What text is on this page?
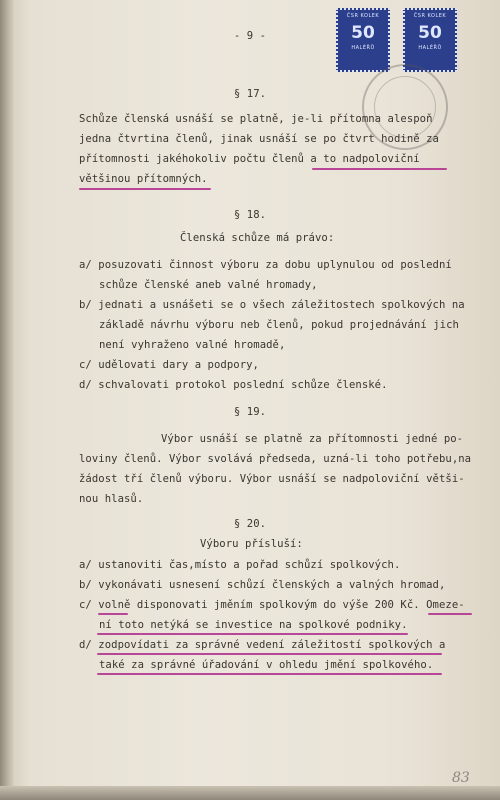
- 9 -
ČSR KOLEK
50
HALÉŘŮ
ČSR KOLEK
50
HALÉŘŮ
§ 17.
Schůze členská usnáší se platně, je-li přítomna alespoň
jedna čtvrtina členů, jinak usnáší se po čtvrt hodině za
přítomnosti jakéhokoliv počtu členů a to nadpoloviční
většinou přítomných.
§ 18.
Členská schůze má právo:
a/ posuzovati činnost výboru za dobu uplynulou od poslední
schůze členské aneb valné hromady,
b/ jednati a usnášeti se o všech záležitostech spolkových na
základě návrhu výboru neb členů, pokud projednávání jich
není vyhraženo valné hromadě,
c/ udělovati dary a podpory,
d/ schvalovati protokol poslední schůze členské.
§ 19.
Výbor usnáší se platně za přítomnosti jedné po-
loviny členů. Výbor svolává předseda, uzná-li toho potřebu,na
žádost tří členů výboru. Výbor usnáší se nadpoloviční větši-
nou hlasů.
§ 20.
Výboru přísluší:
a/ ustanoviti čas,místo a pořad schůzí spolkových.
b/ vykonávati usnesení schůzí členských a valných hromad,
c/ volně disponovati jměním spolkovým do výše 200 Kč. Omeze-
ní toto netýká se investice na spolkové podniky.
d/ zodpovídati za správné vedení záležitostí spolkových a
také za správné úřadování v ohledu jmění spolkového.
83
